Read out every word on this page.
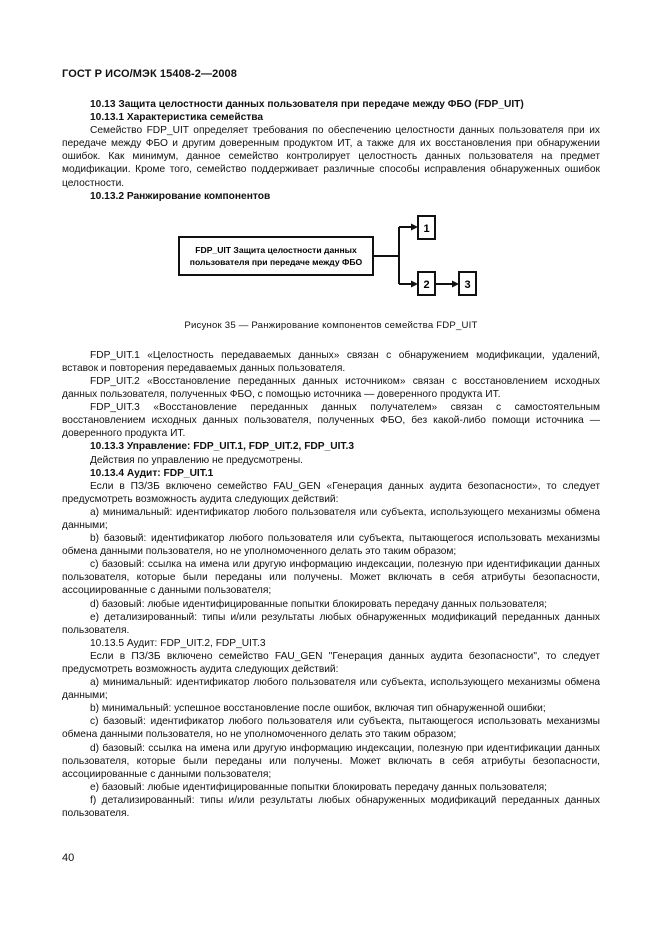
ГОСТ Р ИСО/МЭК 15408-2—2008

10.13 Защита целостности данных пользователя при передаче между ФБО (FDP_UIT)

10.13.1 Характеристика семейства

Семейство FDP_UIT определяет требования по обеспечению целостности данных пользователя при их передаче между ФБО и другим доверенным продуктом ИТ, а также для их восстановления при обнаружении ошибок. Как минимум, данное семейство контролирует целостность данных пользователя на предмет модификации. Кроме того, семейство поддерживает различные способы исправления обнаруженных ошибок целостности.

10.13.2 Ранжирование компонентов

FDP_UIT Защита целостности данных
пользователя при передаче между ФБО
1
2	3
Рисунок 35 — Ранжирование компонентов семейства FDP_UIT

FDP_UIT.1 «Целостность передаваемых данных» связан с обнаружением модификации, удалений, вставок и повторения передаваемых данных пользователя.

FDP_UIT.2 «Восстановление переданных данных источником» связан с восстановлением исходных данных пользователя, полученных ФБО, с помощью источника — доверенного продукта ИТ.

FDP_UIT.3 «Восстановление переданных данных получателем» связан с самостоятельным восстановлением исходных данных пользователя, полученных ФБО, без какой-либо помощи источника — доверенного продукта ИТ.

10.13.3 Управление: FDP_UIT.1, FDP_UIT.2, FDP_UIT.3

Действия по управлению не предусмотрены.

10.13.4 Аудит: FDP_UIT.1

Если в ПЗ/ЗБ включено семейство FAU_GEN «Генерация данных аудита безопасности», то следует предусмотреть возможность аудита следующих действий:

a) минимальный: идентификатор любого пользователя или субъекта, использующего механизмы обмена данными;

b) базовый: идентификатор любого пользователя или субъекта, пытающегося использовать механизмы обмена данными пользователя, но не уполномоченного делать это таким образом;

c) базовый: ссылка на имена или другую информацию индексации, полезную при идентификации данных пользователя, которые были переданы или получены. Может включать в себя атрибуты безопасности, ассоциированные с данными пользователя;

d) базовый: любые идентифицированные попытки блокировать передачу данных пользователя;

e) детализированный: типы и/или результаты любых обнаруженных модификаций переданных данных пользователя.

10.13.5 Аудит: FDP_UIT.2, FDP_UIT.3

Если в ПЗ/ЗБ включено семейство FAU_GEN "Генерация данных аудита безопасности", то следует предусмотреть возможность аудита следующих действий:

a) минимальный: идентификатор любого пользователя или субъекта, использующего механизмы обмена данными;

b) минимальный: успешное восстановление после ошибок, включая тип обнаруженной ошибки;

c) базовый: идентификатор любого пользователя или субъекта, пытающегося использовать механизмы обмена данными пользователя, но не уполномоченного делать это таким образом;

d) базовый: ссылка на имена или другую информацию индексации, полезную при идентификации данных пользователя, которые были переданы или получены. Может включать в себя атрибуты безопасности, ассоциированные с данными пользователя;

e) базовый: любые идентифицированные попытки блокировать передачу данных пользователя;

f) детализированный: типы и/или результаты любых обнаруженных модификаций переданных данных пользователя.

40
